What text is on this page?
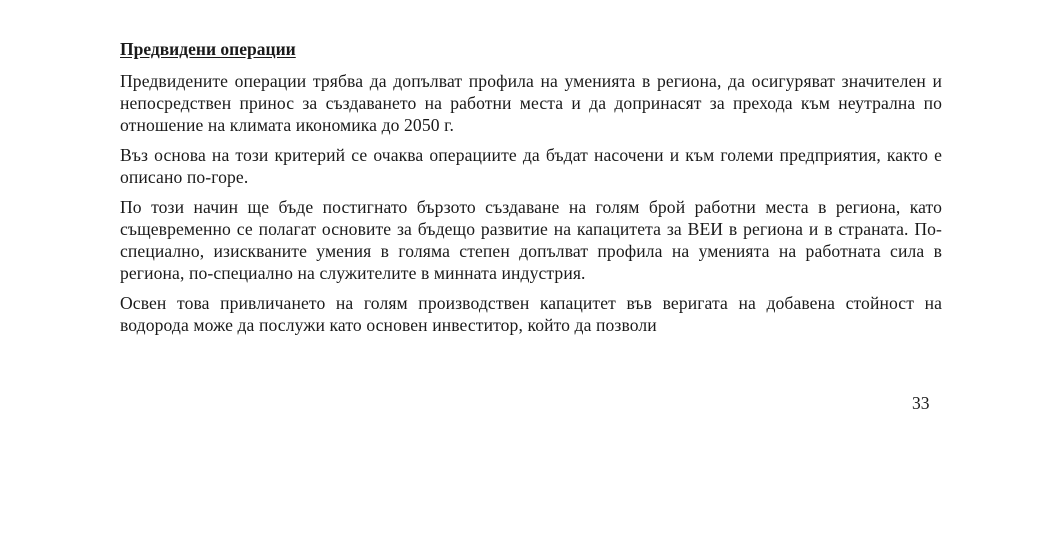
Предвидени операции

Предвидените операции трябва да допълват профила на уменията в региона, да осигуряват значителен и непосредствен принос за създаването на работни места и да допринасят за прехода към неутрална по отношение на климата икономика до 2050 г.

Въз основа на този критерий се очаква операциите да бъдат насочени и към големи предприятия, както е описано по-горе.

По този начин ще бъде постигнато бързото създаване на голям брой работни места в региона, като същевременно се полагат основите за бъдещо развитие на капацитета за ВЕИ в региона и в страната. По-специално, изискваните умения в голяма степен допълват профила на уменията на работната сила в региона, по-специално на служителите в минната индустрия.

Освен това привличането на голям производствен капацитет във веригата на добавена стойност на водорода може да послужи като основен инвеститор, който да позволи

33
